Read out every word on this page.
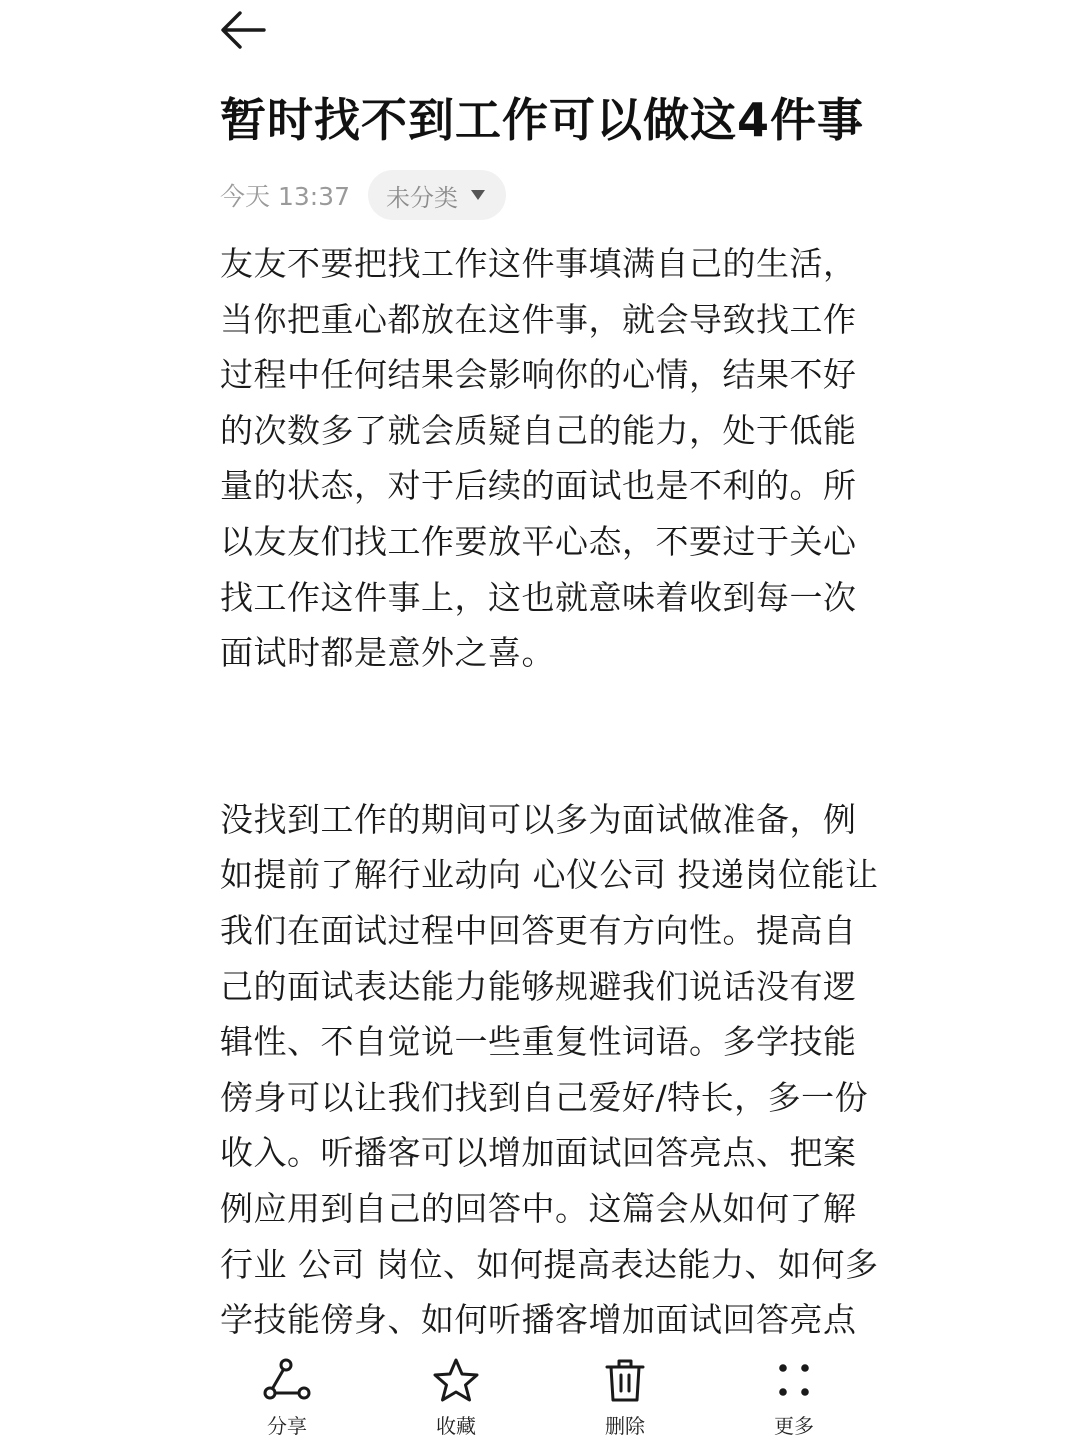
暂时找不到工作可以做这4件事
今天 13:37 未分类

友友不要把找工作这件事填满自己的生活，当你把重心都放在这件事，就会导致找工作过程中任何结果会影响你的心情，结果不好的次数多了就会质疑自己的能力，处于低能量的状态，对于后续的面试也是不利的。所以友友们找工作要放平心态，不要过于关心找工作这件事上，这也就意味着收到每一次面试时都是意外之喜。

没找到工作的期间可以多为面试做准备，例如提前了解行业动向 心仪公司 投递岗位能让我们在面试过程中回答更有方向性。提高自己的面试表达能力能够规避我们说话没有逻辑性、不自觉说一些重复性词语。多学技能傍身可以让我们找到自己爱好/特长，多一份收入。听播客可以增加面试回答亮点、把案例应用到自己的回答中。这篇会从如何了解行业 公司 岗位、如何提高表达能力、如何多学技能傍身、如何听播客增加面试回答亮点

分享	收藏	删除	更多
